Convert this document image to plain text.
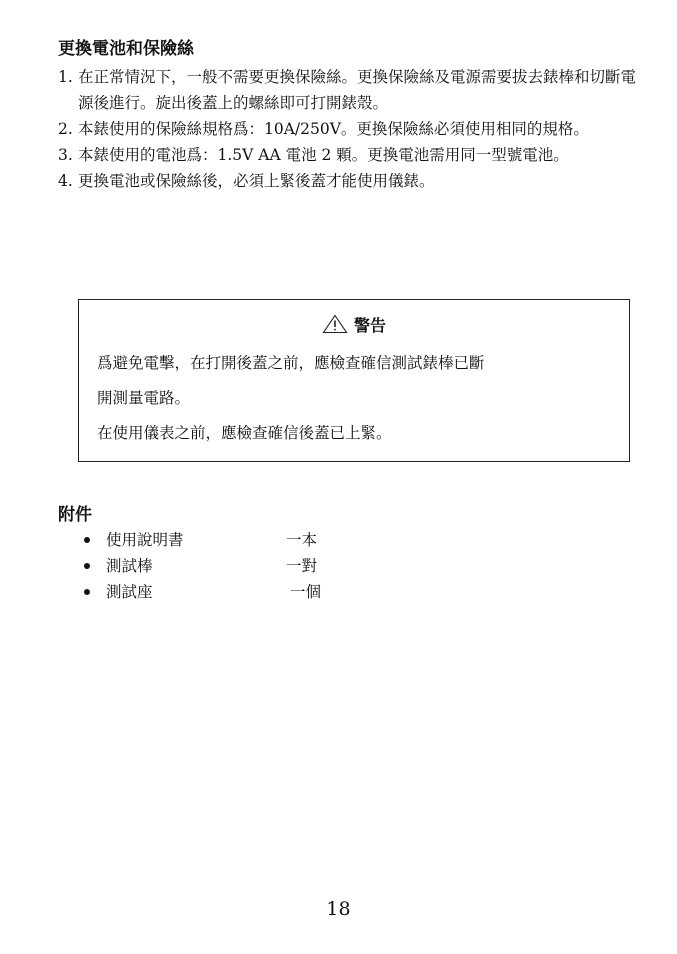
更換電池和保險絲
1. 在正常情況下，一般不需要更換保險絲。更換保險絲及電源需要拔去錶棒和切斷電源後進行。旋出後蓋上的螺絲即可打開錶殼。
2. 本錶使用的保險絲規格爲：10A/250V。更換保險絲必須使用相同的規格。
3. 本錶使用的電池爲：1.5V AA 電池 2 顆。更換電池需用同一型號電池。
4. 更換電池或保險絲後，必須上緊後蓋才能使用儀錶。
警告

爲避免電擊，在打開後蓋之前，應檢查確信測試錶棒已斷

開測量電路。

在使用儀表之前，應檢查確信後蓋已上緊。

附件
使用說明書	一本
測試棒	一對
測試座	一個
18
